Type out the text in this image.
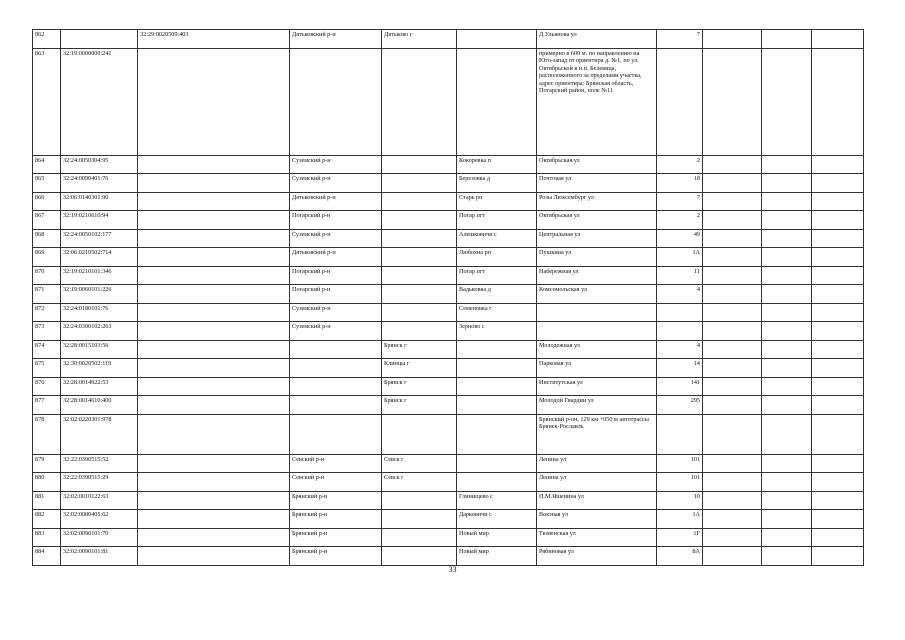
862		32:29:0020509:403	Дятьковский р-н	Дятьково г		Д.Ульянова ул	7			
863	32:19:0000000:241					примерно в 600 м. по направлению на Юго-запад от ориентира д. №1, по ул. Октябрьской в н.п. Белевица, расположенного за пределами участка, адрес ориентира: Брянская область, Погарский район, поле №11				
864	32:24:0050304:95		Суземский р-н		Кокоревка п	Октябрьская ул	2			
865	32:24:0090401:76		Суземский р-н		Березовка д	Почтовая ул	18			
866	32:06:0140301:90		Дятьковский р-н		Старь рп	Розы Люксембург ул	7			
867	32:19:0210610:94		Погарский р-н		Погар пгт	Октябрьская ул	2			
868	32:24:0050102:177		Суземский р-н		Алешковичи с	Центральная ул	49			
869	32:06:0210502:714		Дятьковский р-н		Любохна рп	Пушкина ул	1А			
870	32:19:0210101:346		Погарский р-н		Погар пгт	Набережная ул	11			
871	32:19:0060101:226		Погарский р-н		Вадьковка д	Комсомольская ул	4			
872	32:24:0180101:76		Суземский р-н		Семеновка г					
873	32:24:0300102:263		Суземский р-н		Зерново с					
874	32:28:0015103:56			Брянск г		Молодежная ул	4			
875	32:30:0020502:119			Клинцы г		Парковая ул	14			
876	32:28:0014922:53			Брянск г		Институтская ул	141			
877	32:28:0014610:400			Брянск г		Молодой Гвардии ул	295			
878	32:02:0220301:978					Брянский р-он, 129 км +050 м автотрассы Брянск-Рославль				
879	32:22:0390515:52		Севский р-н	Севск г		Ленина ул	101			
880	32:22:0390515:29		Севский р-н	Севск г		Ленина ул	101			
881	32:02:0010122:63		Брянский р-н		Глинищево с	П.М.Яшенина ул	10			
882	32:02:0080405:62		Брянский р-н		Дарковичи с	Вокзная ул	1А			
883	32:02:0090101:70		Брянский р-н		Новый мир	Тюменская ул	1Г			
884	32:02:0090101:81		Брянский р-н		Новый мир	Рябиновая ул	8А			
33
